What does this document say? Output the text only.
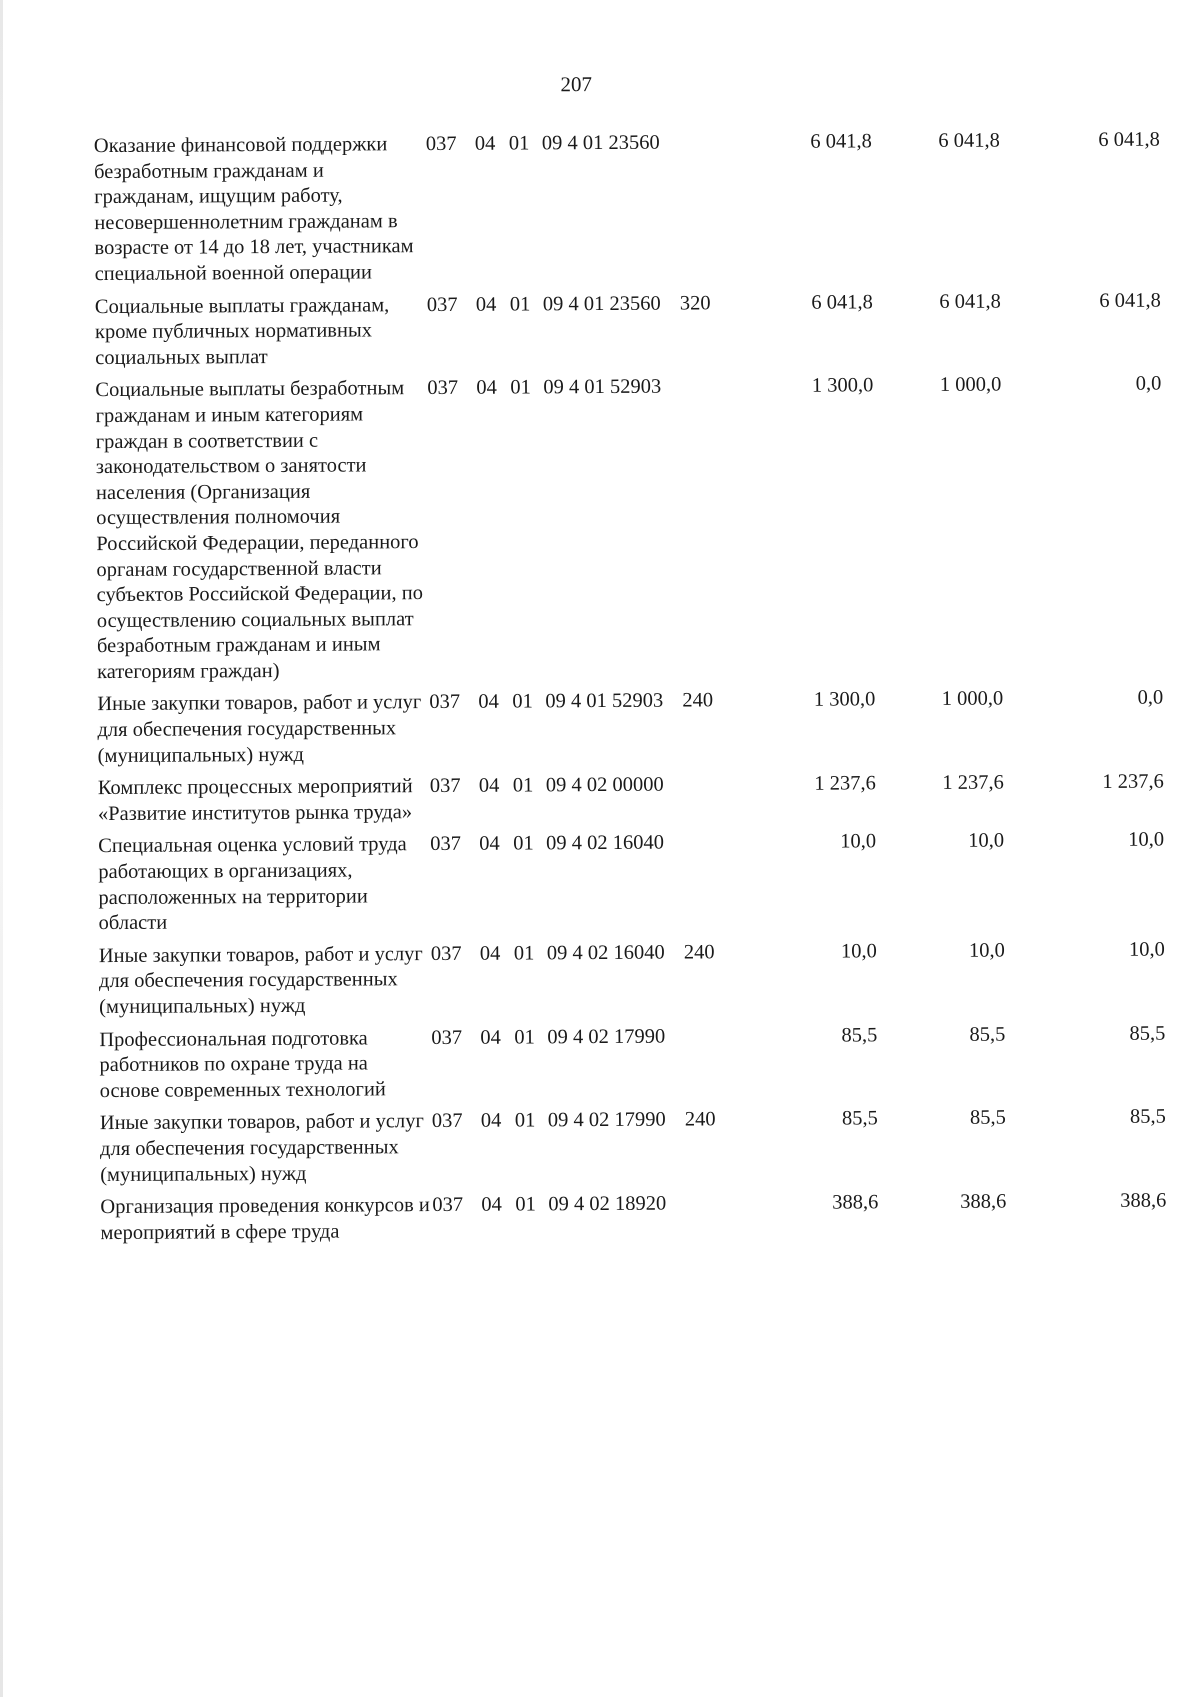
207
Оказание финансовой поддержки безработным гражданам и гражданам, ищущим работу, несовершеннолетним гражданам в возрасте от 14 до 18 лет, участникам специальной военной операции	037	04	01	09 4 01 23560		6 041,8	6 041,8	6 041,8
Социальные выплаты гражданам, кроме публичных нормативных социальных выплат	037	04	01	09 4 01 23560	320	6 041,8	6 041,8	6 041,8
Социальные выплаты безработным гражданам и иным категориям граждан в соответствии с законодательством о занятости населения (Организация осуществления полномочия Российской Федерации, переданного органам государственной власти субъектов Российской Федерации, по осуществлению социальных выплат безработным гражданам и иным категориям граждан)	037	04	01	09 4 01 52903		1 300,0	1 000,0	0,0
Иные закупки товаров, работ и услуг для обеспечения государственных (муниципальных) нужд	037	04	01	09 4 01 52903	240	1 300,0	1 000,0	0,0
Комплекс процессных мероприятий «Развитие институтов рынка труда»	037	04	01	09 4 02 00000		1 237,6	1 237,6	1 237,6
Специальная оценка условий труда работающих в организациях, расположенных на территории области	037	04	01	09 4 02 16040		10,0	10,0	10,0
Иные закупки товаров, работ и услуг для обеспечения государственных (муниципальных) нужд	037	04	01	09 4 02 16040	240	10,0	10,0	10,0
Профессиональная подготовка работников по охране труда на основе современных технологий	037	04	01	09 4 02 17990		85,5	85,5	85,5
Иные закупки товаров, работ и услуг для обеспечения государственных (муниципальных) нужд	037	04	01	09 4 02 17990	240	85,5	85,5	85,5
Организация проведения конкурсов и мероприятий в сфере труда	037	04	01	09 4 02 18920		388,6	388,6	388,6
